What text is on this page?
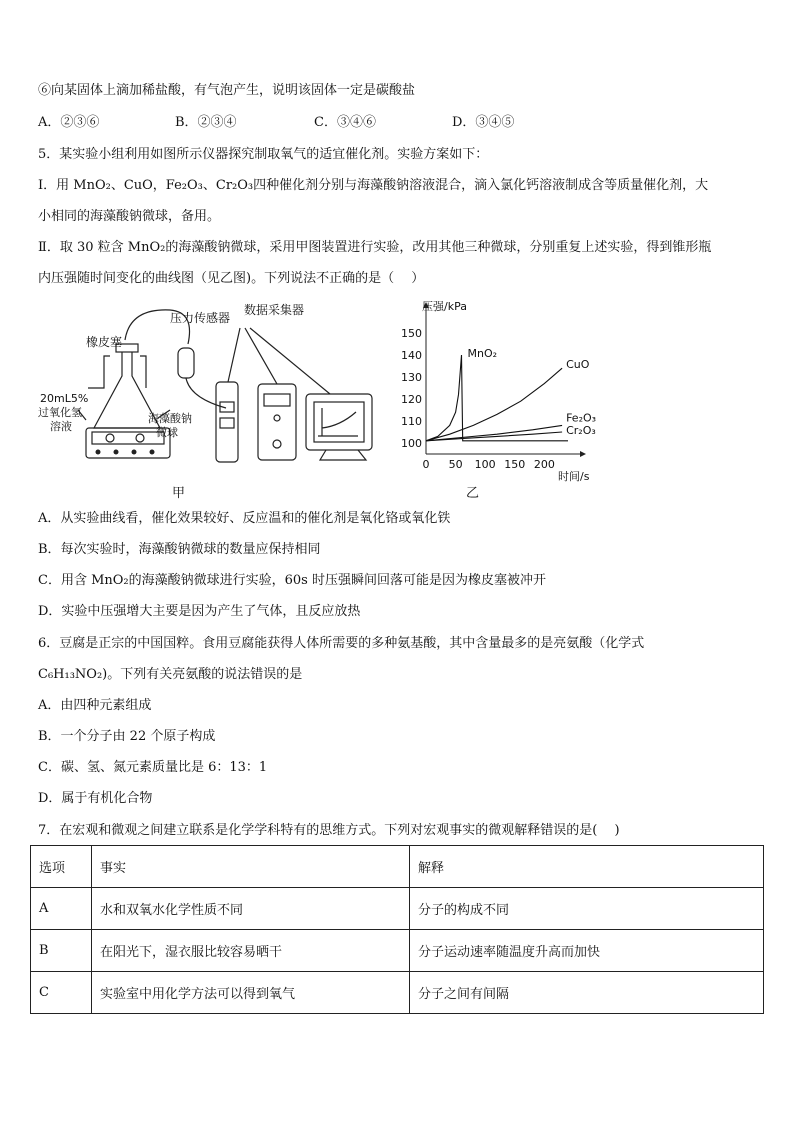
⑥向某固体上滴加稀盐酸，有气泡产生，说明该固体一定是碳酸盐
A．②③⑥	B．②③④	C．③④⑥	D．③④⑤
5．某实验小组利用如图所示仪器探究制取氧气的适宜催化剂。实验方案如下：
Ⅰ．用 MnO₂、CuO，Fe₂O₃、Cr₂O₃四种催化剂分别与海藻酸钠溶液混合，滴入氯化钙溶液制成含等质量催化剂，大
小相同的海藻酸钠微球，备用。
Ⅱ．取 30 粒含 MnO₂的海藻酸钠微球，采用甲图装置进行实验，改用其他三种微球，分别重复上述实验，得到锥形瓶
内压强随时间变化的曲线图（见乙图)。下列说法不正确的是（　 ）
橡皮塞
压力传感器
数据采集器
20mL5%
过氧化氢
溶液
海藻酸钠
微球
甲
100
110
120
130
140
150
0 50 100 150 200
压强/kPa
时间/s
MnO₂
CuO
Fe₂O₃
Cr₂O₃
乙
A．从实验曲线看，催化效果较好、反应温和的催化剂是氧化铬或氧化铁
B．每次实验时，海藻酸钠微球的数量应保持相同
C．用含 MnO₂的海藻酸钠微球进行实验，60s 时压强瞬间回落可能是因为橡皮塞被冲开
D．实验中压强增大主要是因为产生了气体，且反应放热
6．豆腐是正宗的中国国粹。食用豆腐能获得人体所需要的多种氨基酸，其中含量最多的是亮氨酸（化学式
C₆H₁₃NO₂)。下列有关亮氨酸的说法错误的是
A．由四种元素组成
B．一个分子由 22 个原子构成
C．碳、氢、氮元素质量比是 6：13：1
D．属于有机化合物
7．在宏观和微观之间建立联系是化学学科特有的思维方式。下列对宏观事实的微观解释错误的是(　 )
选项	事实	解释
A	水和双氧水化学性质不同	分子的构成不同
B	在阳光下，湿衣服比较容易晒干	分子运动速率随温度升高而加快
C	实验室中用化学方法可以得到氧气	分子之间有间隔
